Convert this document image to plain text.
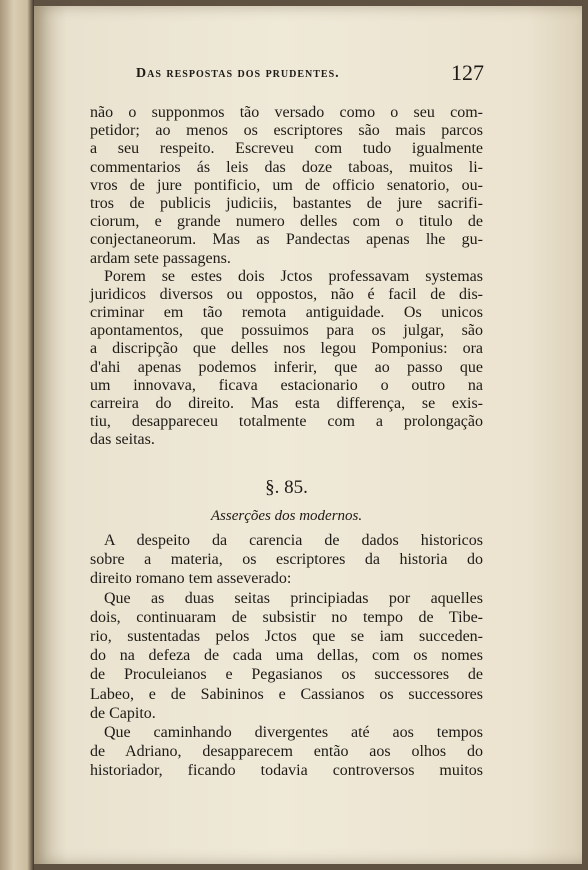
Das respostas dos prudentes.	127
não o supponmos tão versado como o seu com-
petidor; ao menos os escriptores são mais parcos
a seu respeito. Escreveu com tudo igualmente
commentarios ás leis das doze taboas, muitos li-
vros de jure pontificio, um de officio senatorio, ou-
tros de publicis judiciis, bastantes de jure sacrifi-
ciorum, e grande numero delles com o titulo de
conjectaneorum. Mas as Pandectas apenas lhe gu-
ardam sete passagens.
Porem se estes dois Jctos professavam systemas
juridicos diversos ou oppostos, não é facil de dis-
criminar em tão remota antiguidade. Os unicos
apontamentos, que possuimos para os julgar, são
a discripção que delles nos legou Pomponius: ora
d'ahi apenas podemos inferir, que ao passo que
um innovava, ficava estacionario o outro na
carreira do direito. Mas esta differença, se exis-
tiu, desappareceu totalmente com a prolongação
das seitas.
§. 85.
Asserções dos modernos.
A despeito da carencia de dados historicos
sobre a materia, os escriptores da historia do
direito romano tem asseverado:
Que as duas seitas principiadas por aquelles
dois, continuaram de subsistir no tempo de Tibe-
rio, sustentadas pelos Jctos que se iam succeden-
do na defeza de cada uma dellas, com os nomes
de Proculeianos e Pegasianos os successores de
Labeo, e de Sabininos e Cassianos os successores
de Capito.
Que caminhando divergentes até aos tempos
de Adriano, desapparecem então aos olhos do
historiador, ficando todavia controversos muitos
